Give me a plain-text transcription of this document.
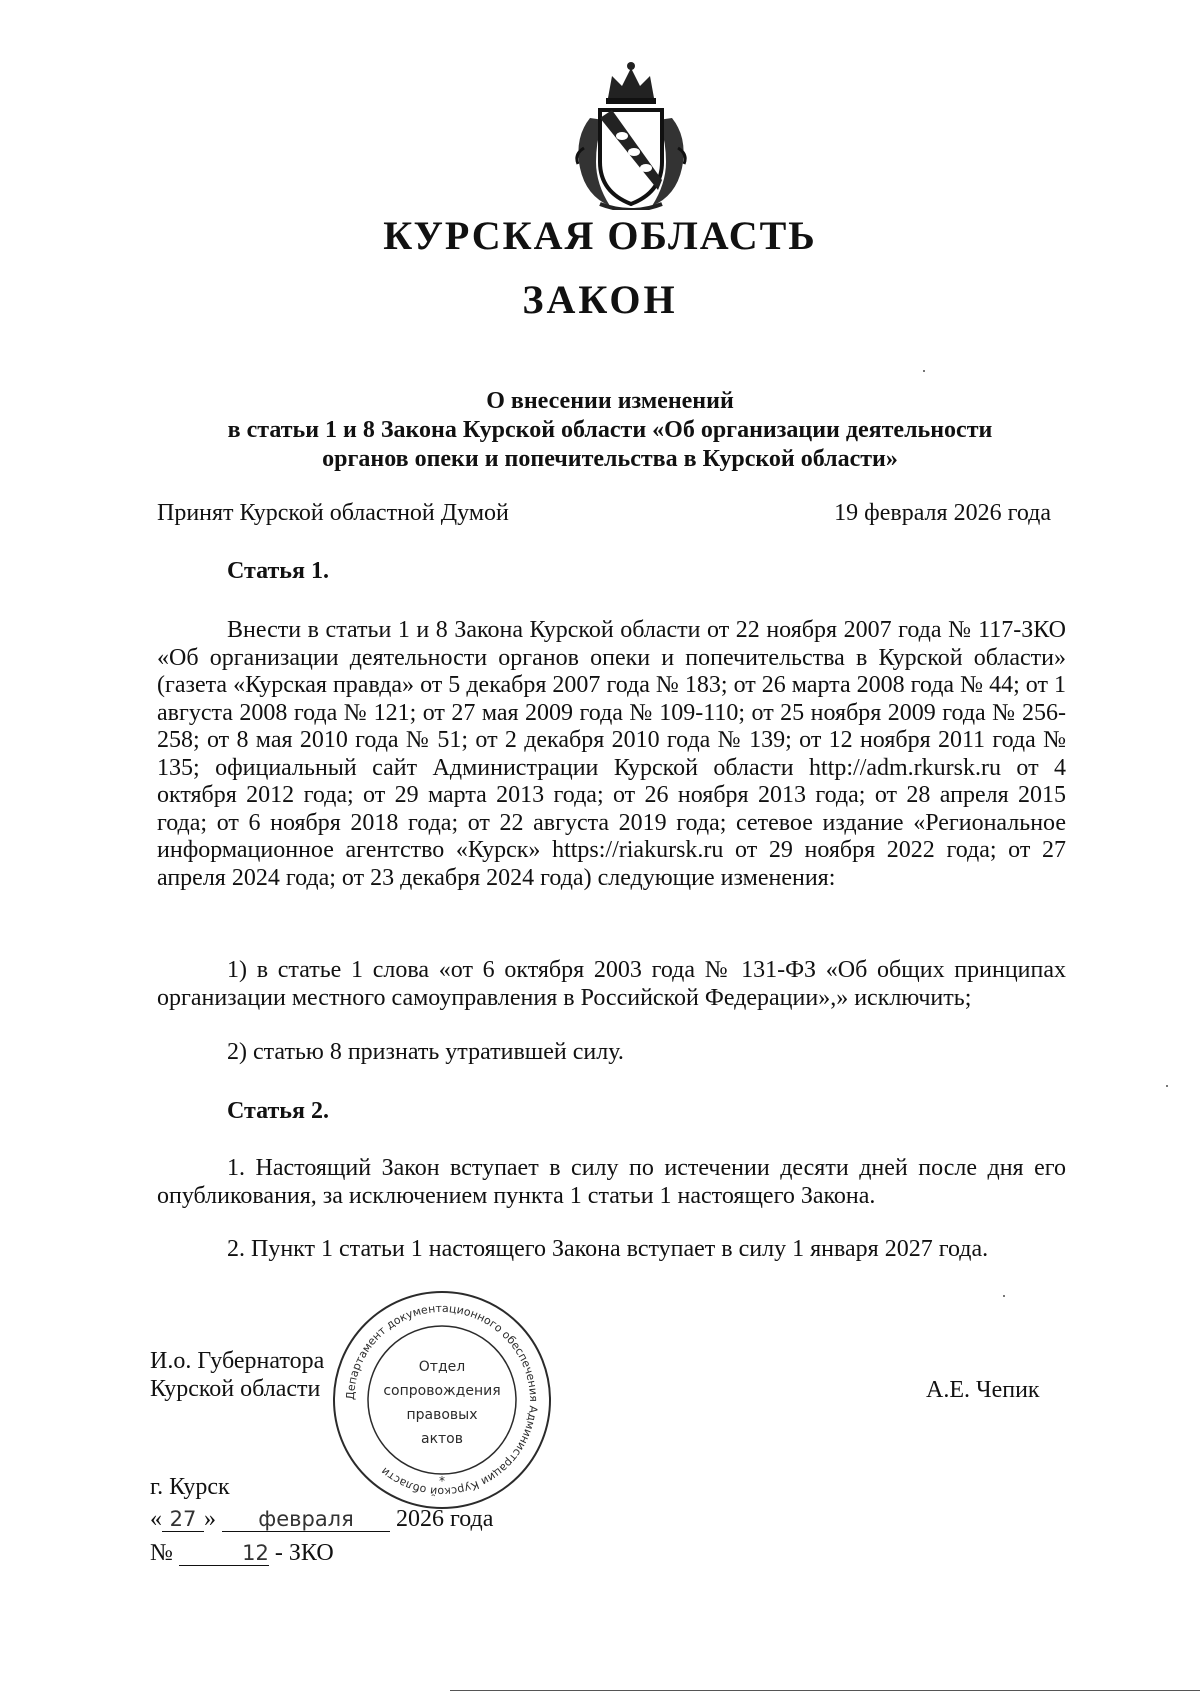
КУРСКАЯ ОБЛАСТЬ
ЗАКОН
О внесении изменений
в статьи 1 и 8 Закона Курской области «Об организации деятельности
органов опеки и попечительства в Курской области»
Принят Курской областной Думой	19 февраля 2026 года
Статья 1.

Внести в статьи 1 и 8 Закона Курской области от 22 ноября 2007 года № 117-ЗКО «Об организации деятельности органов опеки и попечительства в Курской области» (газета «Курская правда» от 5 декабря 2007 года № 183; от 26 марта 2008 года № 44; от 1 августа 2008 года № 121; от 27 мая 2009 года № 109-110; от 25 ноября 2009 года № 256-258; от 8 мая 2010 года № 51; от 2 декабря 2010 года № 139; от 12 ноября 2011 года № 135; официальный сайт Администрации Курской области http://adm.rkursk.ru от 4 октября 2012 года; от 29 марта 2013 года; от 26 ноября 2013 года; от 28 апреля 2015 года; от 6 ноября 2018 года; от 22 августа 2019 года; сетевое издание «Региональное информационное агентство «Курск» https://riakursk.ru от 29 ноября 2022 года; от 27 апреля 2024 года; от 23 декабря 2024 года) следующие изменения:

1) в статье 1 слова «от 6 октября 2003 года № 131-ФЗ «Об общих принципах организации местного самоуправления в Российской Федерации»,» исключить;

2) статью 8 признать утратившей силу.

Статья 2.

1. Настоящий Закон вступает в силу по истечении десяти дней после дня его опубликования, за исключением пункта 1 статьи 1 настоящего Закона.

2. Пункт 1 статьи 1 настоящего Закона вступает в силу 1 января 2027 года.

И.о. Губернатора
Курской области	А.Е. Чепик
г. Курск
« 27 » февраля 2026 года
№	12 - ЗКО
Департамент документационного обеспечения Администрации Курской области
Отдел
сопровождения
правовых
актов
*
